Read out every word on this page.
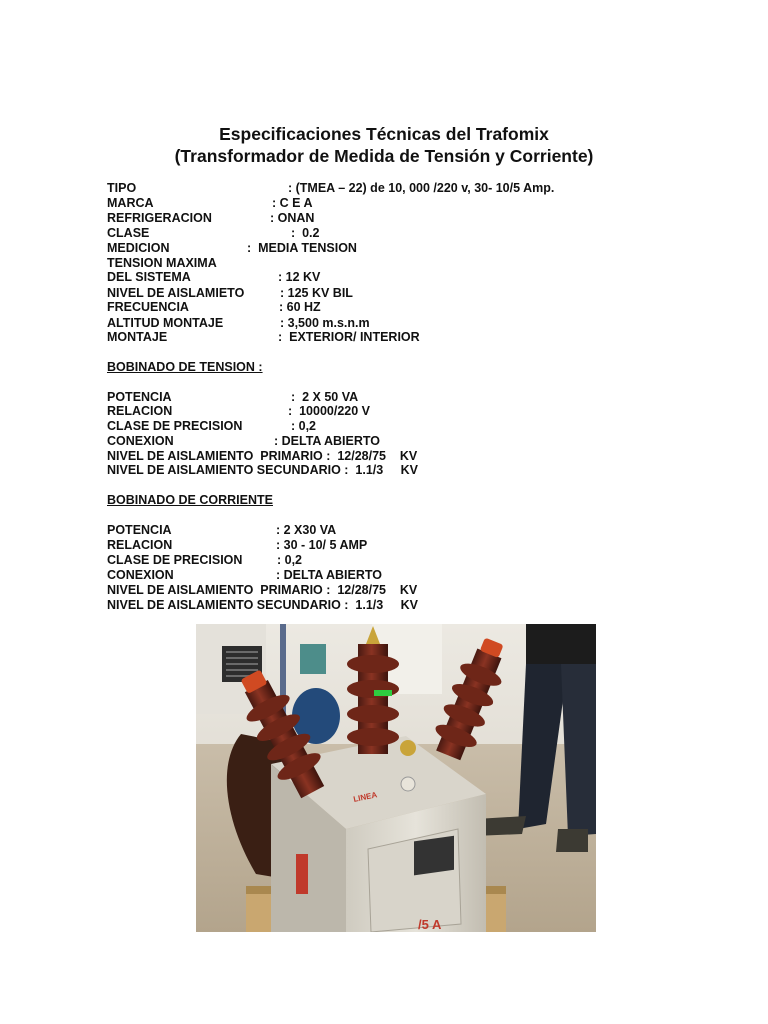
Especificaciones Técnicas del Trafomix
(Transformador de Medida de Tensión y Corriente)
TIPO	: (TMEA – 22) de 10, 000 /220 v, 30- 10/5 Amp.
MARCA	: C E A
REFRIGERACION	: ONAN
CLASE	:  0.2
MEDICION	:  MEDIA TENSION
TENSION MAXIMA
DEL SISTEMA	: 12 KV
NIVEL DE AISLAMIETO	: 125 KV BIL
FRECUENCIA	: 60 HZ
ALTITUD MONTAJE	: 3,500 m.s.n.m
MONTAJE	:  EXTERIOR/ INTERIOR
BOBINADO DE TENSION :
POTENCIA	:  2 X 50 VA
RELACION	:  10000/220 V
CLASE DE PRECISION	: 0,2
CONEXION	: DELTA ABIERTO
NIVEL DE AISLAMIENTO  PRIMARIO :  12/28/75    KV
NIVEL DE AISLAMIENTO SECUNDARIO :  1.1/3     KV
BOBINADO DE CORRIENTE
POTENCIA	: 2 X30 VA
RELACION	: 30 - 10/ 5 AMP
CLASE DE PRECISION	: 0,2
CONEXION	: DELTA ABIERTO
NIVEL DE AISLAMIENTO  PRIMARIO :  12/28/75    KV
NIVEL DE AISLAMIENTO SECUNDARIO :  1.1/3     KV
/5 A
LINEA
